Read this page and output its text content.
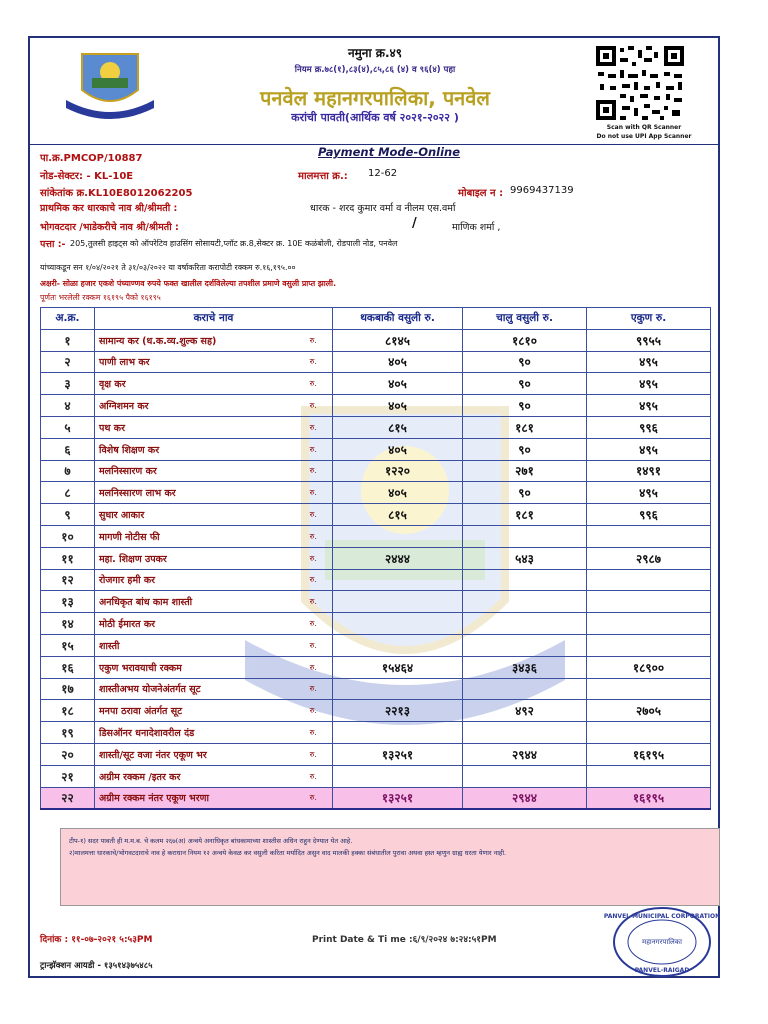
Scan with QR Scanner
Do not use UPI App Scanner
नमुना क्र.४९
नियम क्र.७८(१),८३(४),८५,८६ (४) व ९६(४) पहा
पनवेल महानगरपालिका, पनवेल
करांची पावती(आर्थिक वर्ष २०२१-२०२२ )
पा.क्र.PMCOP/10887	Payment Mode-Online
नोड-सेक्टर: - KL-10E	मालमत्ता क्र.: 12-62
सांकेतांक क्र.KL10E8012062205	मोबाइल न : 9969437139
प्राथमिक कर धारकाचे नाव श्री/श्रीमती :	धारक - शरद कुमार वर्मा व नीलम एस.वर्मा
भोगवटदार /भाडेकरीचे नाव श्री/श्रीमती :	/	माणिक शर्मा ,
पत्ता :- 205,तुलसी हाइट्स को ऑपरेटिव हाउसिंग सोसायटी,प्लॉट क्र.8,सेक्टर क्र. 10E कळंबोली, रोडपाली नोड, पनवेल
यांच्याकडून सन १/०४/२०२१ ते ३१/०३/२०२२ या वर्षाकरिता करापोटी रक्कम रु.१६,१९५.००
अक्षरी- सोळा हजार एकशे पंच्याण्णव रुपये फक्त खालील दर्शविलेल्या तपशील प्रमाणे वसुली प्राप्त झाली.
पूर्णतः भरलेली रक्कम १६१९५ पैको १६१९५
अ.क्र.	कराचे नाव		थकबाकी वसुली रु.	चालु वसुली रु.	एकुण रु.
१	सामान्य कर (ध.क.व्य.शुल्क सह)	रु.	८१४५	१८१०	९९५५
२	पाणी लाभ कर	रु.	४०५	९०	४९५
३	वृक्ष कर	रु.	४०५	९०	४९५
४	अग्निशमन कर	रु.	४०५	९०	४९५
५	पथ कर	रु.	८१५	१८१	९९६
६	विशेष शिक्षण कर	रु.	४०५	९०	४९५
७	मलनिस्सारण कर	रु.	१२२०	२७१	१४९१
८	मलनिस्सारण लाभ कर	रु.	४०५	९०	४९५
९	सुधार आकार	रु.	८१५	१८१	९९६
१०	मागणी नोटीस फी	रु.			
११	महा. शिक्षण उपकर	रु.	२४४४	५४३	२९८७
१२	रोजगार हमी कर	रु.			
१३	अनधिकृत बांध काम शास्ती	रु.			
१४	मोठी ईमारत कर	रु.			
१५	शास्ती	रु.			
१६	एकुण भरावयाची रक्कम	रु.	१५४६४	३४३६	१८९००
१७	शास्तीअभय योजनेअंतर्गत सूट	रु.			
१८	मनपा ठरावा अंतर्गत सूट	रु.	२२१३	४९२	२७०५
१९	डिसऑनर धनादेशावरील दंड	रु.			
२०	शास्ती/सूट वजा नंतर एकूण भर	रु.	१३२५१	२९४४	१६१९५
२१	अग्रीम रक्कम /इतर कर	रु.			
२२	अग्रीम रक्कम नंतर एकूण भरणा	रु.	१३२५१	२९४४	१६१९५
टीप-१) सदर पावती ही म.म.ब. चे कलम २६७(अ) अन्वये अनाधिकृत बांधकामाच्या शास्तीस अधिन राहुन देण्यात येत आहे.
२)मालमत्ता धारकाचे/भोगवटदाराचे नाव हे कराधान नियम १२ अन्वये केवळ कर वसुली करिता मर्यादित असुन वाद मालकी हक्का संबंधातील पुरावा अथवा हस्त म्हणुन ग्राह्य धरता येणार नाही.
दिनांक : ११-०७-२०२१ ५:५३PM	Print Date & Ti me :६/९/२०२४ ७:२४:५१PM
ट्रान्झॅक्शन आयडी - १३५१४३७५४८५
PANVEL MUNICIPAL CORPORATION
महानगरपालिका
PANVEL-RAIGAD
